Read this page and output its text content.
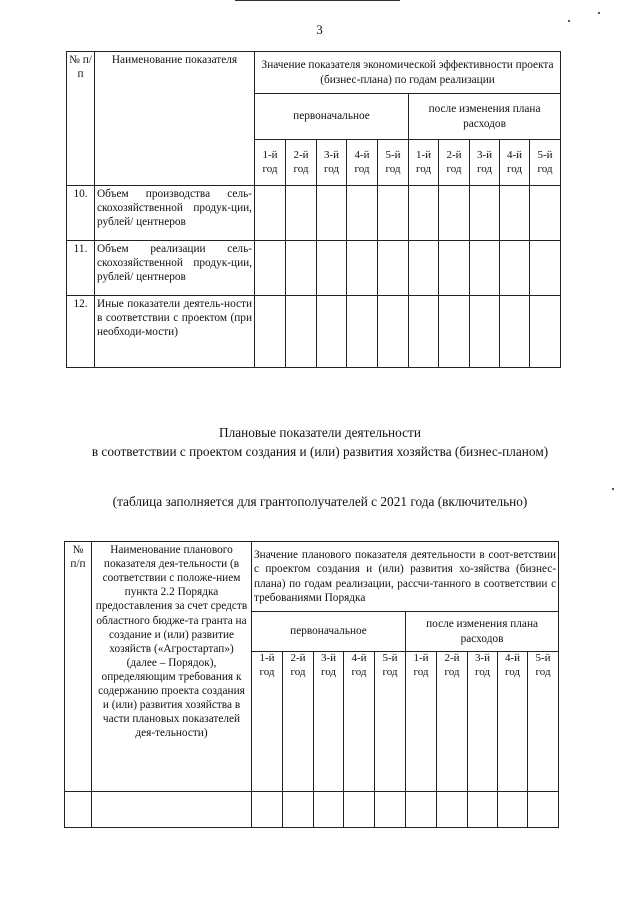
3
№ п/п	Наименование показателя	Значение показателя экономической эффективности проекта (бизнес-плана) по годам реализации									
		первоначальное					после изменения плана расходов				
		1-й год	2-й год	3-й год	4-й год	5-й год	1-й год	2-й год	3-й год	4-й год	5-й год
10.	Объем производства сель-скохозяйственной продук-ции, рублей/ центнеров										
11.	Объем реализации сель-скохозяйственной продук-ции, рублей/ центнеров										
12.	Иные показатели деятель-ности в соответствии с проектом (при необходи-мости)										
Плановые показатели деятельности
в соответствии с проектом создания и (или) развития хозяйства (бизнес-планом)
(таблица заполняется для грантополучателей с 2021 года (включительно)
№ п/п	Наименование планового показателя дея-тельности (в соответствии с положе-нием пункта 2.2 Порядка предоставления за счет средств областного бюдже-та гранта на создание и (или) развитие хозяйств («Агростартап») (далее – Порядок), определяющим требования к содержанию проекта создания и (или) развития хозяйства в части плановых показателей дея-тельности)	Значение планового показателя деятельности в соот-ветствии с проектом создания и (или) развития хо-зяйства (бизнес-плана) по годам реализации, рассчи-танного в соответствии с требованиями Порядка									
		первоначальное					после изменения плана расходов				
		1-й год	2-й год	3-й год	4-й год	5-й год	1-й год	2-й год	3-й год	4-й год	5-й год
